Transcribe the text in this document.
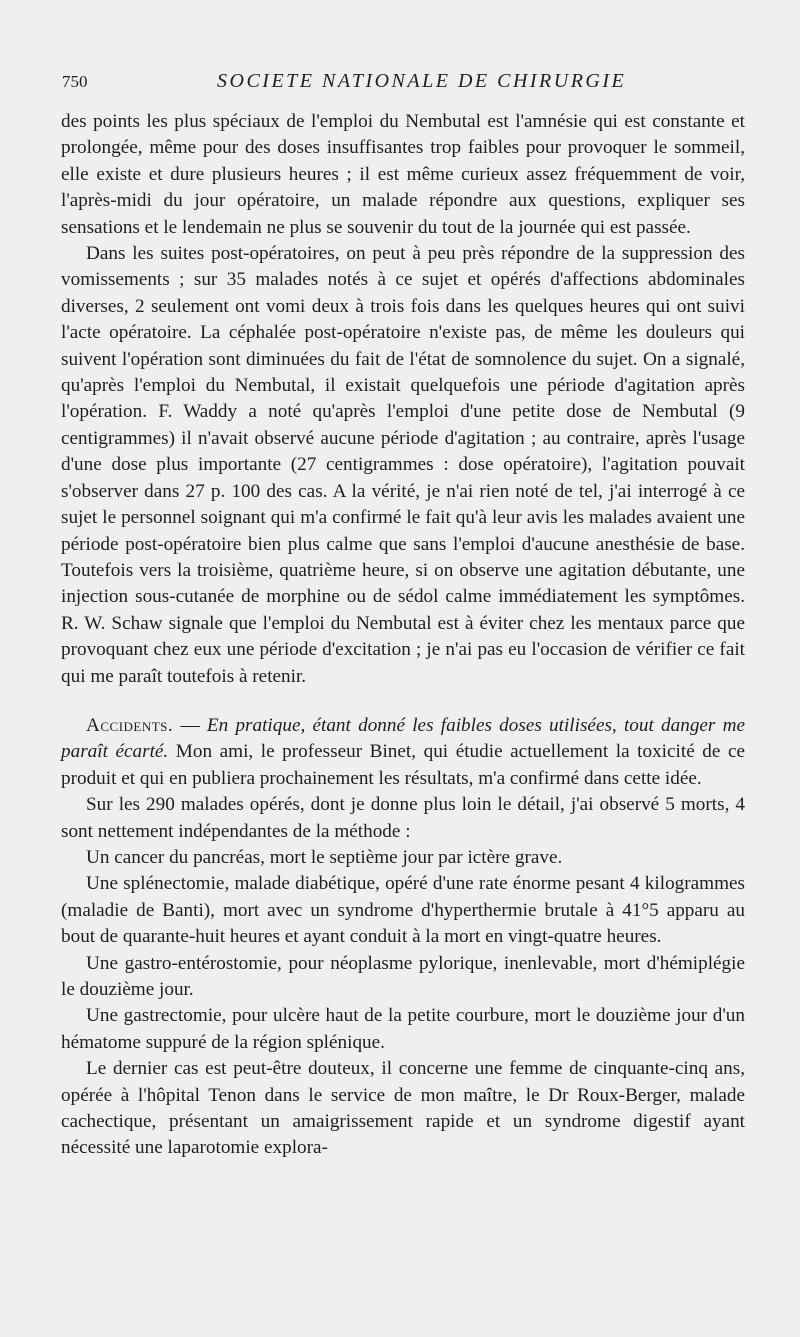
750	SOCIETE NATIONALE DE CHIRURGIE

des points les plus spéciaux de l'emploi du Nembutal est l'amnésie qui est constante et prolongée, même pour des doses insuffisantes trop faibles pour provoquer le sommeil, elle existe et dure plusieurs heures ; il est même curieux assez fréquemment de voir, l'après-midi du jour opératoire, un malade répondre aux questions, expliquer ses sensations et le lendemain ne plus se souvenir du tout de la journée qui est passée.

Dans les suites post-opératoires, on peut à peu près répondre de la suppression des vomissements ; sur 35 malades notés à ce sujet et opérés d'affections abdominales diverses, 2 seulement ont vomi deux à trois fois dans les quelques heures qui ont suivi l'acte opératoire. La céphalée post-opératoire n'existe pas, de même les douleurs qui suivent l'opération sont diminuées du fait de l'état de somnolence du sujet. On a signalé, qu'après l'emploi du Nembutal, il existait quelquefois une période d'agitation après l'opération. F. Waddy a noté qu'après l'emploi d'une petite dose de Nembutal (9 centigrammes) il n'avait observé aucune période d'agitation ; au contraire, après l'usage d'une dose plus importante (27 centigrammes : dose opératoire), l'agitation pouvait s'observer dans 27 p. 100 des cas. A la vérité, je n'ai rien noté de tel, j'ai interrogé à ce sujet le personnel soignant qui m'a confirmé le fait qu'à leur avis les malades avaient une période post-opératoire bien plus calme que sans l'emploi d'aucune anesthésie de base. Toutefois vers la troisième, quatrième heure, si on observe une agitation débutante, une injection sous-cutanée de morphine ou de sédol calme immédiatement les symptômes. R. W. Schaw signale que l'emploi du Nembutal est à éviter chez les mentaux parce que provoquant chez eux une période d'excitation ; je n'ai pas eu l'occasion de vérifier ce fait qui me paraît toutefois à retenir.

Accidents. — En pratique, étant donné les faibles doses utilisées, tout danger me paraît écarté. Mon ami, le professeur Binet, qui étudie actuellement la toxicité de ce produit et qui en publiera prochainement les résultats, m'a confirmé dans cette idée.

Sur les 290 malades opérés, dont je donne plus loin le détail, j'ai observé 5 morts, 4 sont nettement indépendantes de la méthode :

Un cancer du pancréas, mort le septième jour par ictère grave.

Une splénectomie, malade diabétique, opéré d'une rate énorme pesant 4 kilogrammes (maladie de Banti), mort avec un syndrome d'hyperthermie brutale à 41°5 apparu au bout de quarante-huit heures et ayant conduit à la mort en vingt-quatre heures.

Une gastro-entérostomie, pour néoplasme pylorique, inenlevable, mort d'hémiplégie le douzième jour.

Une gastrectomie, pour ulcère haut de la petite courbure, mort le douzième jour d'un hématome suppuré de la région splénique.

Le dernier cas est peut-être douteux, il concerne une femme de cinquante-cinq ans, opérée à l'hôpital Tenon dans le service de mon maître, le Dr Roux-Berger, malade cachectique, présentant un amaigrissement rapide et un syndrome digestif ayant nécessité une laparotomie explora-
